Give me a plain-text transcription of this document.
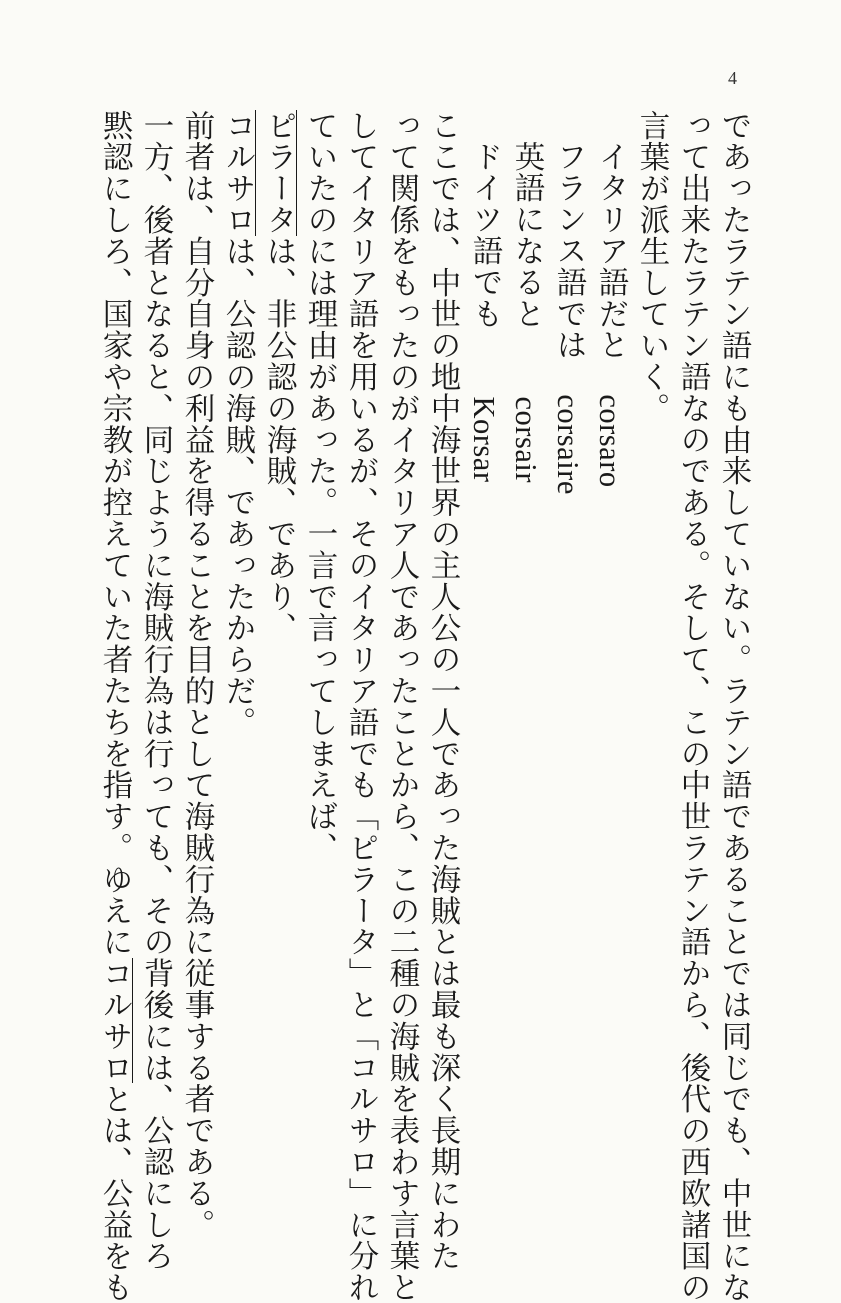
4
であったラテン語にも由来していない。ラテン語であることでは同じでも、中世にな
って出来たラテン語なのである。そして、この中世ラテン語から、後代の西欧諸国の
言葉が派生していく。
イタリア語だとcorsaro
フランス語ではcorsaire
英語になるとcorsair
ドイツ語でもKorsar
ここでは、中世の地中海世界の主人公の一人であった海賊とは最も深く長期にわた
って関係をもったのがイタリア人であったことから、この二種の海賊を表わす言葉と
してイタリア語を用いるが、そのイタリア語でも「ピラータ」と「コルサロ」に分れ
ていたのには理由があった。一言で言ってしまえば、
ピラータは、非公認の海賊、であり、
コルサロは、公認の海賊、であったからだ。
前者は、自分自身の利益を得ることを目的として海賊行為に従事する者である。
一方、後者となると、同じように海賊行為は行っても、その背後には、公認にしろ
黙認にしろ、国家や宗教が控えていた者たちを指す。ゆえにコルサロとは、公益をも
